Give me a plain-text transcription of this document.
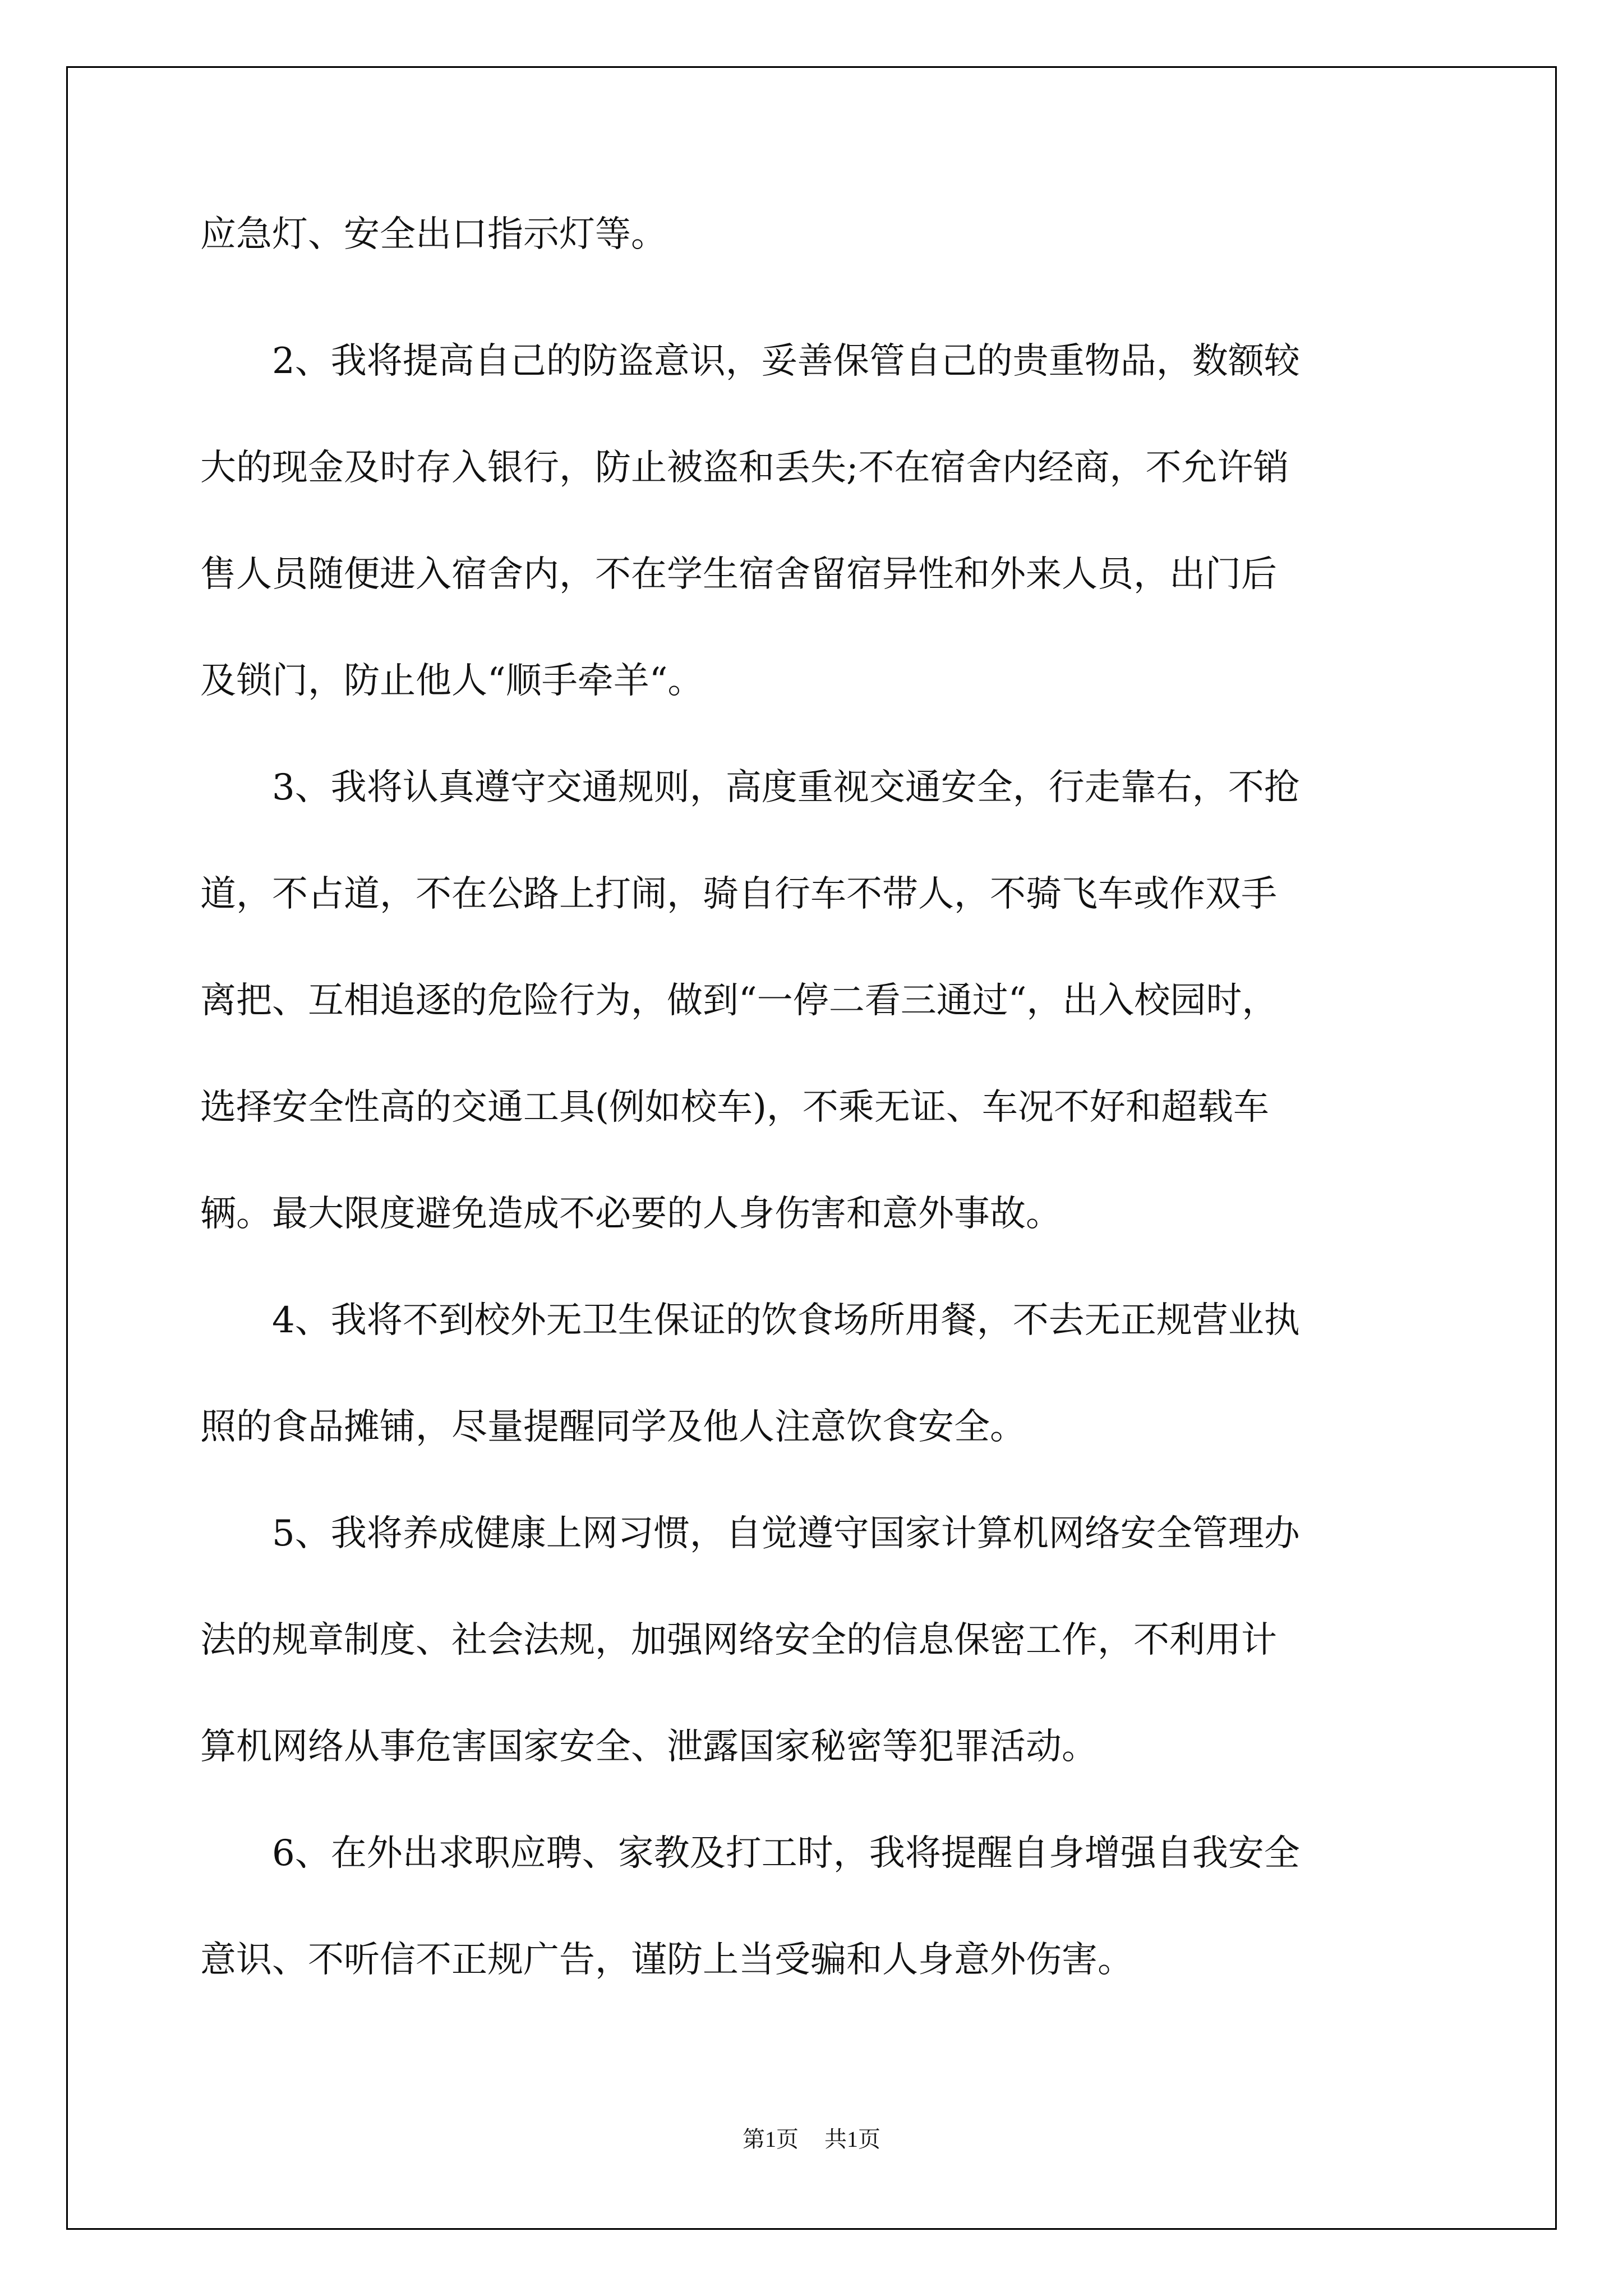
应急灯、安全出口指示灯等。

　　2、我将提高自己的防盗意识，妥善保管自己的贵重物品，数额较

大的现金及时存入银行，防止被盗和丢失;不在宿舍内经商，不允许销

售人员随便进入宿舍内，不在学生宿舍留宿异性和外来人员，出门后

及锁门，防止他人“顺手牵羊“。

　　3、我将认真遵守交通规则，高度重视交通安全，行走靠右，不抢

道，不占道，不在公路上打闹，骑自行车不带人，不骑飞车或作双手

离把、互相追逐的危险行为，做到“一停二看三通过“，出入校园时，

选择安全性高的交通工具(例如校车)，不乘无证、车况不好和超载车

辆。最大限度避免造成不必要的人身伤害和意外事故。

　　4、我将不到校外无卫生保证的饮食场所用餐，不去无正规营业执

照的食品摊铺，尽量提醒同学及他人注意饮食安全。

　　5、我将养成健康上网习惯，自觉遵守国家计算机网络安全管理办

法的规章制度、社会法规，加强网络安全的信息保密工作，不利用计

算机网络从事危害国家安全、泄露国家秘密等犯罪活动。

　　6、在外出求职应聘、家教及打工时，我将提醒自身增强自我安全

意识、不听信不正规广告，谨防上当受骗和人身意外伤害。

第1页 共1页
